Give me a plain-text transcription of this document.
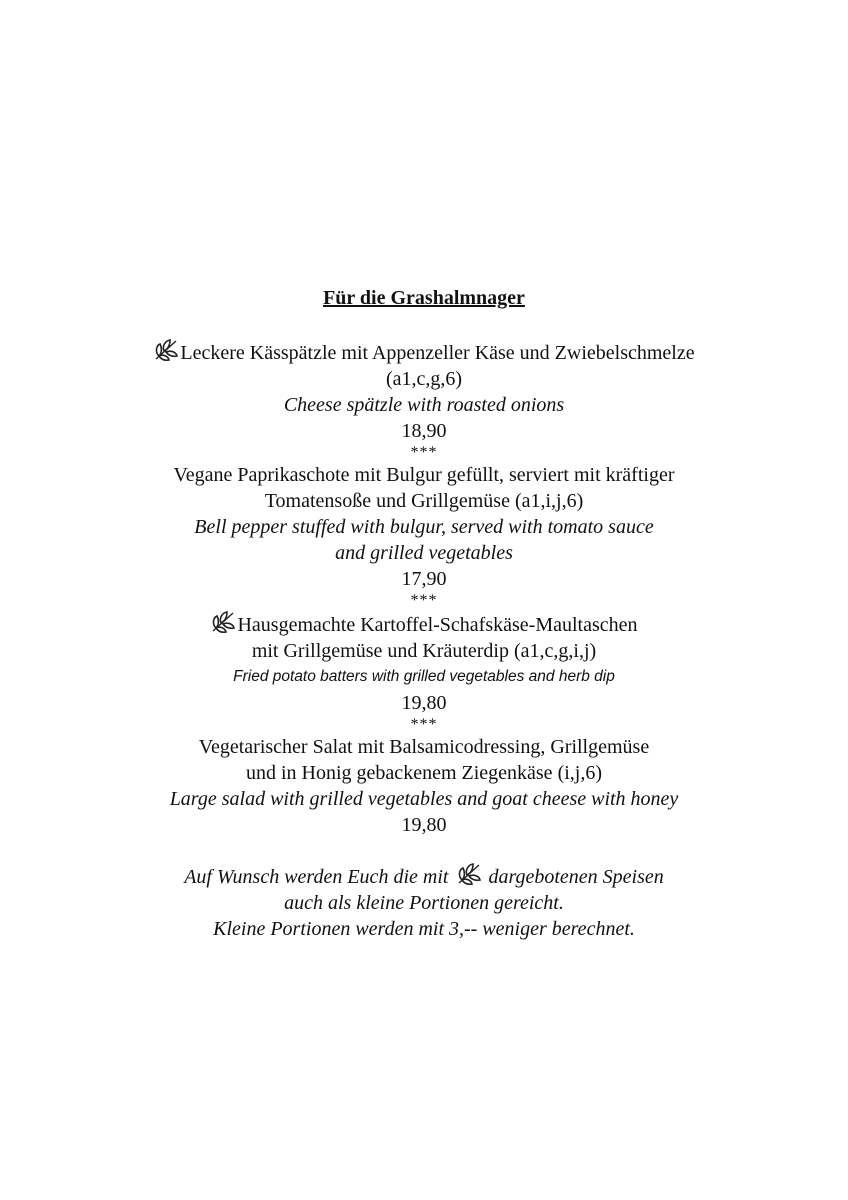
Für die Grashalmnager
Leckere Kässpätzle mit Appenzeller Käse und Zwiebelschmelze
(a1,c,g,6)
Cheese spätzle with roasted onions
18,90
***
Vegane Paprikaschote mit Bulgur gefüllt, serviert mit kräftiger
Tomatensoße und Grillgemüse (a1,i,j,6)
Bell pepper stuffed with bulgur, served with tomato sauce
and grilled vegetables
17,90
***
Hausgemachte Kartoffel-Schafskäse-Maultaschen
mit Grillgemüse und Kräuterdip (a1,c,g,i,j)
Fried potato batters with grilled vegetables and herb dip
19,80
***
Vegetarischer Salat mit Balsamicodressing, Grillgemüse
und in Honig gebackenem Ziegenkäse (i,j,6)
Large salad with grilled vegetables and goat cheese with honey
19,80
Auf Wunsch werden Euch die mit dargebotenen Speisen
auch als kleine Portionen gereicht.
Kleine Portionen werden mit 3,-- weniger berechnet.
